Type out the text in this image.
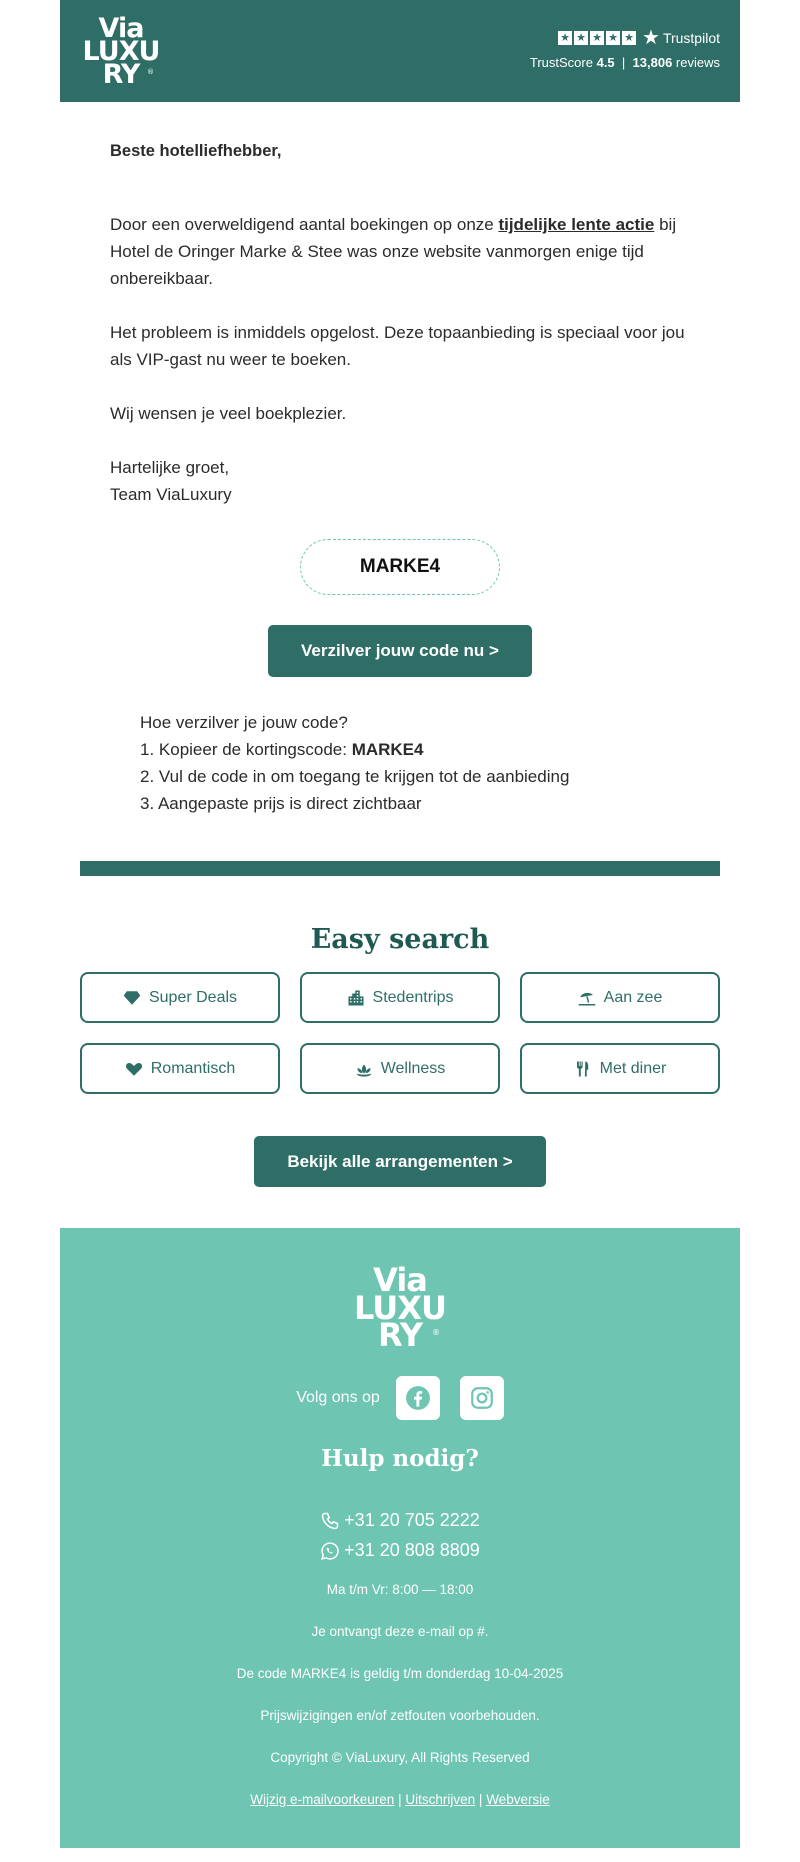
Via
LUXU
RY ®
★ ★ ★ ★ ★ ★ Trustpilot
TrustScore 4.5 | 13,806 reviews

Beste hotelliefhebber,

Door een overweldigend aantal boekingen op onze tijdelijke lente actie bij Hotel de Oringer Marke & Stee was onze website vanmorgen enige tijd onbereikbaar.

Het probleem is inmiddels opgelost. Deze topaanbieding is speciaal voor jou als VIP-gast nu weer te boeken.

Wij wensen je veel boekplezier.

Hartelijke groet,
Team ViaLuxury

MARKE4
Verzilver jouw code nu >
Hoe verzilver je jouw code?
1. Kopieer de kortingscode: MARKE4
2. Vul de code in om toegang te krijgen tot de aanbieding
3. Aangepaste prijs is direct zichtbaar
Easy search
Super Deals	Stedentrips	Aan zee
Romantisch	Wellness	Met diner
Bekijk alle arrangementen >
Via
LUXU
RY	®
Volg ons op
Hulp nodig?
+31 20 705 2222
+31 20 808 8809
Ma t/m Vr: 8:00 — 18:00
Je ontvangt deze e-mail op #.
De code MARKE4 is geldig t/m donderdag 10-04-2025
Prijswijzigingen en/of zetfouten voorbehouden.
Copyright © ViaLuxury, All Rights Reserved
Wijzig e-mailvoorkeuren | Uitschrijven | Webversie
